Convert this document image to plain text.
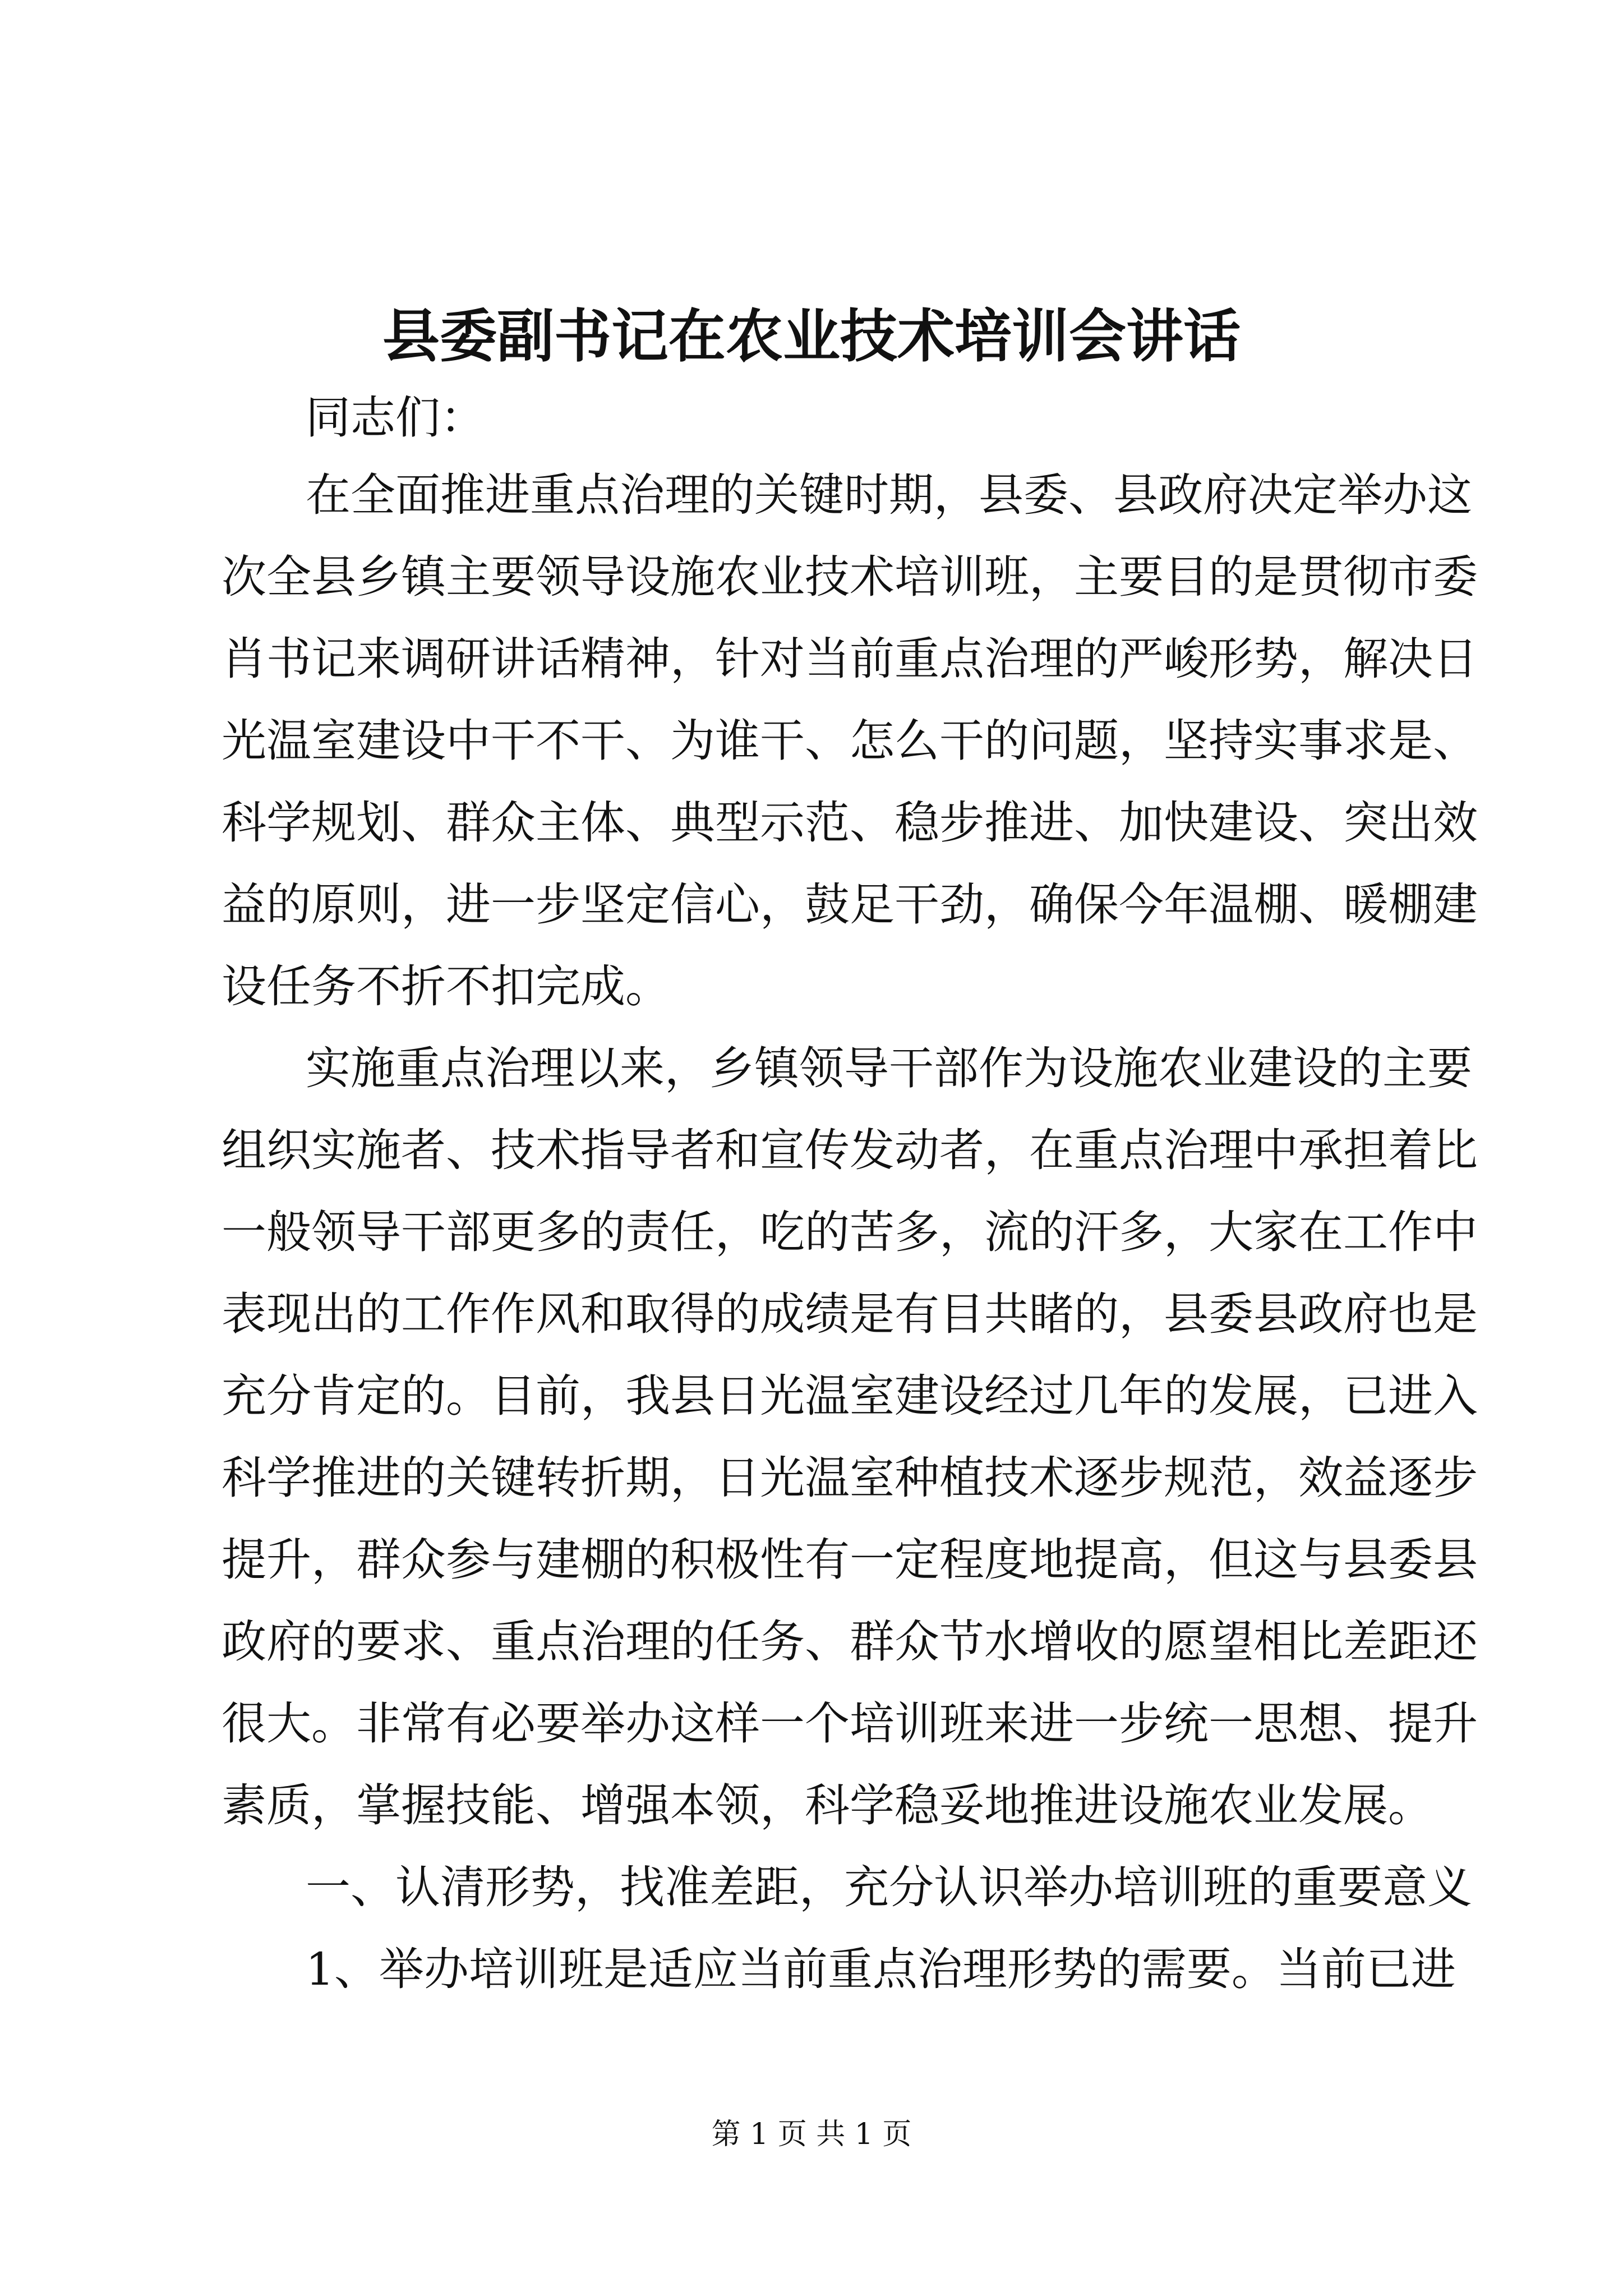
县委副书记在农业技术培训会讲话
同志们：
在全面推进重点治理的关键时期，县委、县政府决定举办这
次全县乡镇主要领导设施农业技术培训班，主要目的是贯彻市委
肖书记来调研讲话精神，针对当前重点治理的严峻形势，解决日
光温室建设中干不干、为谁干、怎么干的问题，坚持实事求是、
科学规划、群众主体、典型示范、稳步推进、加快建设、突出效
益的原则，进一步坚定信心，鼓足干劲，确保今年温棚、暖棚建
设任务不折不扣完成。
实施重点治理以来，乡镇领导干部作为设施农业建设的主要
组织实施者、技术指导者和宣传发动者，在重点治理中承担着比
一般领导干部更多的责任，吃的苦多，流的汗多，大家在工作中
表现出的工作作风和取得的成绩是有目共睹的，县委县政府也是
充分肯定的。目前，我县日光温室建设经过几年的发展，已进入
科学推进的关键转折期，日光温室种植技术逐步规范，效益逐步
提升，群众参与建棚的积极性有一定程度地提高，但这与县委县
政府的要求、重点治理的任务、群众节水增收的愿望相比差距还
很大。非常有必要举办这样一个培训班来进一步统一思想、提升
素质，掌握技能、增强本领，科学稳妥地推进设施农业发展。
一、认清形势，找准差距，充分认识举办培训班的重要意义
1、举办培训班是适应当前重点治理形势的需要。当前已进
第 1 页 共 1 页
